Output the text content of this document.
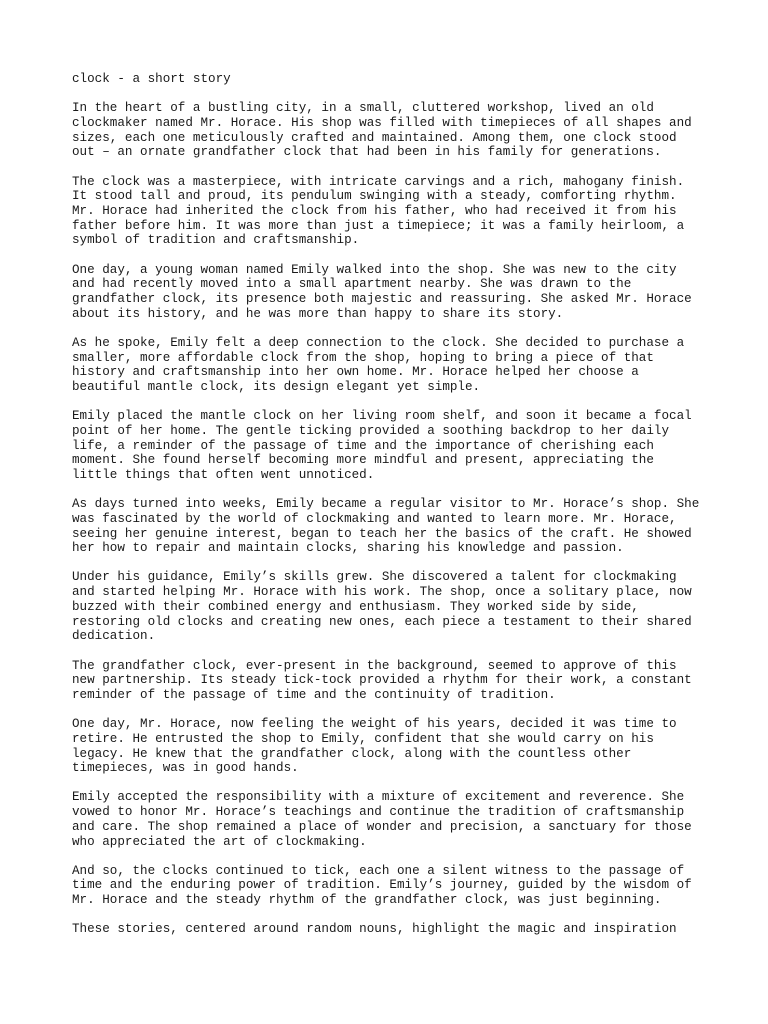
clock - a short story

In the heart of a bustling city, in a small, cluttered workshop, lived an old
clockmaker named Mr. Horace. His shop was filled with timepieces of all shapes and
sizes, each one meticulously crafted and maintained. Among them, one clock stood
out – an ornate grandfather clock that had been in his family for generations.

The clock was a masterpiece, with intricate carvings and a rich, mahogany finish.
It stood tall and proud, its pendulum swinging with a steady, comforting rhythm.
Mr. Horace had inherited the clock from his father, who had received it from his
father before him. It was more than just a timepiece; it was a family heirloom, a
symbol of tradition and craftsmanship.

One day, a young woman named Emily walked into the shop. She was new to the city
and had recently moved into a small apartment nearby. She was drawn to the
grandfather clock, its presence both majestic and reassuring. She asked Mr. Horace
about its history, and he was more than happy to share its story.

As he spoke, Emily felt a deep connection to the clock. She decided to purchase a
smaller, more affordable clock from the shop, hoping to bring a piece of that
history and craftsmanship into her own home. Mr. Horace helped her choose a
beautiful mantle clock, its design elegant yet simple.

Emily placed the mantle clock on her living room shelf, and soon it became a focal
point of her home. The gentle ticking provided a soothing backdrop to her daily
life, a reminder of the passage of time and the importance of cherishing each
moment. She found herself becoming more mindful and present, appreciating the
little things that often went unnoticed.

As days turned into weeks, Emily became a regular visitor to Mr. Horace’s shop. She
was fascinated by the world of clockmaking and wanted to learn more. Mr. Horace,
seeing her genuine interest, began to teach her the basics of the craft. He showed
her how to repair and maintain clocks, sharing his knowledge and passion.

Under his guidance, Emily’s skills grew. She discovered a talent for clockmaking
and started helping Mr. Horace with his work. The shop, once a solitary place, now
buzzed with their combined energy and enthusiasm. They worked side by side,
restoring old clocks and creating new ones, each piece a testament to their shared
dedication.

The grandfather clock, ever-present in the background, seemed to approve of this
new partnership. Its steady tick-tock provided a rhythm for their work, a constant
reminder of the passage of time and the continuity of tradition.

One day, Mr. Horace, now feeling the weight of his years, decided it was time to
retire. He entrusted the shop to Emily, confident that she would carry on his
legacy. He knew that the grandfather clock, along with the countless other
timepieces, was in good hands.

Emily accepted the responsibility with a mixture of excitement and reverence. She
vowed to honor Mr. Horace’s teachings and continue the tradition of craftsmanship
and care. The shop remained a place of wonder and precision, a sanctuary for those
who appreciated the art of clockmaking.

And so, the clocks continued to tick, each one a silent witness to the passage of
time and the enduring power of tradition. Emily’s journey, guided by the wisdom of
Mr. Horace and the steady rhythm of the grandfather clock, was just beginning.

These stories, centered around random nouns, highlight the magic and inspiration
